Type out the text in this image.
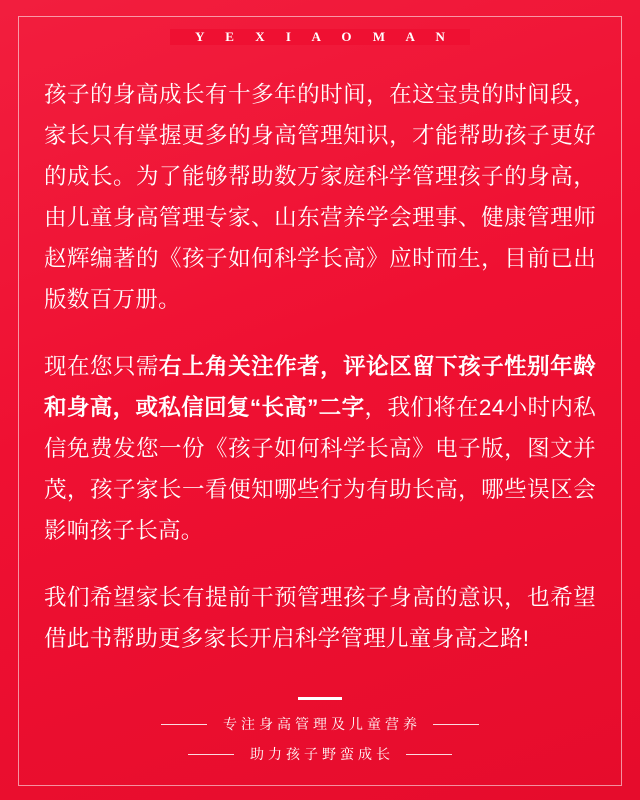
Y E X I A O M A N

孩子的身高成长有十多年的时间，在这宝贵的时间段，家长只有掌握更多的身高管理知识，才能帮助孩子更好的成长。为了能够帮助数万家庭科学管理孩子的身高，由儿童身高管理专家、山东营养学会理事、健康管理师赵辉编著的《孩子如何科学长高》应时而生，目前已出版数百万册。

现在您只需右上角关注作者，评论区留下孩子性别年龄和身高，或私信回复“长高”二字，我们将在24小时内私信免费发您一份《孩子如何科学长高》电子版，图文并茂，孩子家长一看便知哪些行为有助长高，哪些误区会影响孩子长高。

我们希望家长有提前干预管理孩子身高的意识，也希望借此书帮助更多家长开启科学管理儿童身高之路!

专注身高管理及儿童营养
助力孩子野蛮成长
